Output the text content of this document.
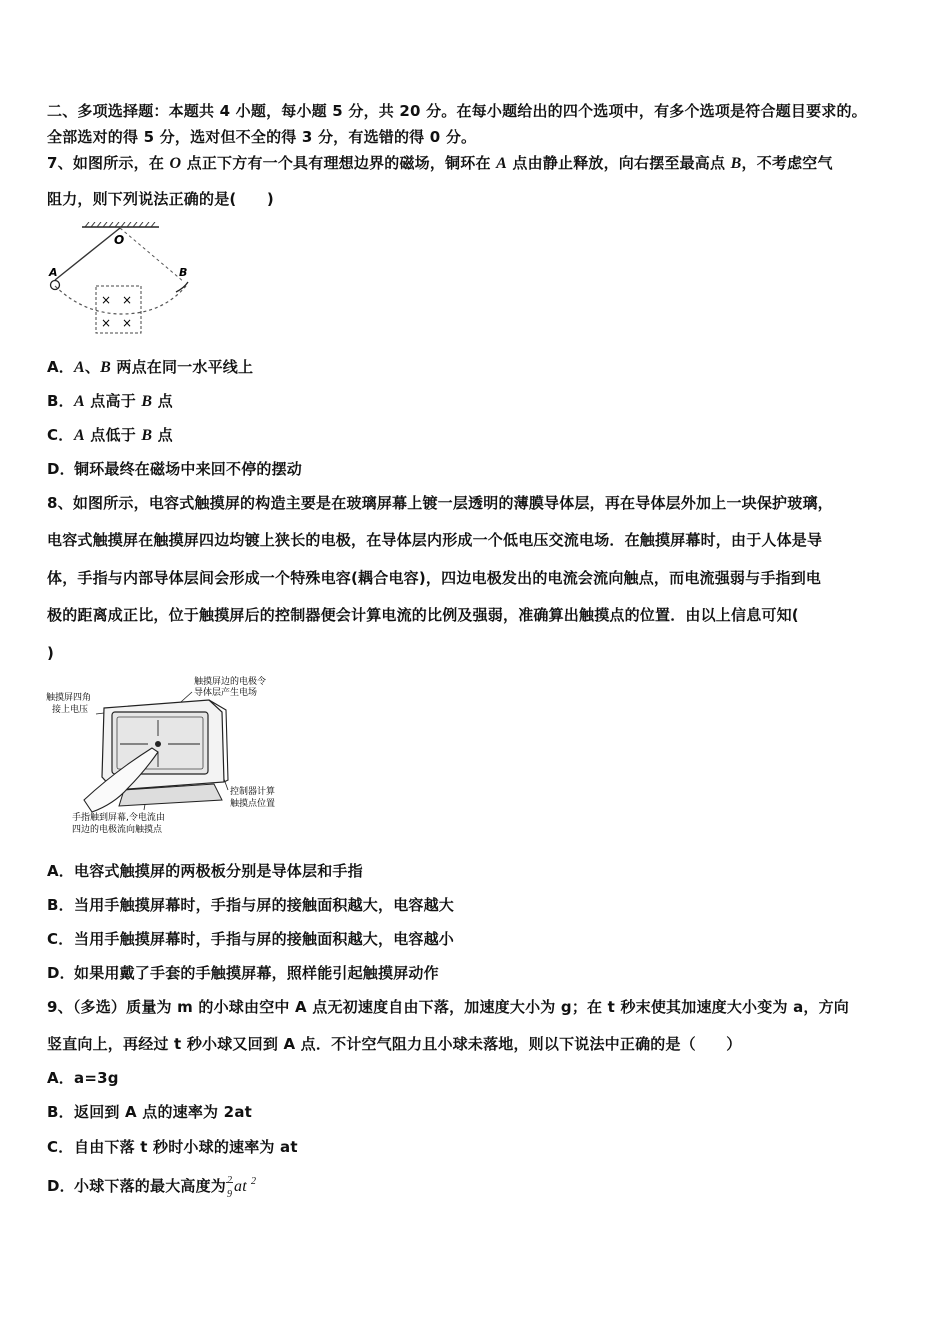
二、多项选择题：本题共 4 小题，每小题 5 分，共 20 分。在每小题给出的四个选项中，有多个选项是符合题目要求的。
全部选对的得 5 分，选对但不全的得 3 分，有选错的得 0 分。
7、如图所示，在 O 点正下方有一个具有理想边界的磁场，铜环在 A 点由静止释放，向右摆至最高点 B，不考虑空气
阻力，则下列说法正确的是(　　)
O
A	B
× ×
× ×
A．A、B 两点在同一水平线上
B．A 点高于 B 点
C．A 点低于 B 点
D．铜环最终在磁场中来回不停的摆动
8、如图所示，电容式触摸屏的构造主要是在玻璃屏幕上镀一层透明的薄膜导体层，再在导体层外加上一块保护玻璃，
电容式触摸屏在触摸屏四边均镀上狭长的电极，在导体层内形成一个低电压交流电场．在触摸屏幕时，由于人体是导
体，手指与内部导体层间会形成一个特殊电容(耦合电容)，四边电极发出的电流会流向触点，而电流强弱与手指到电
极的距离成正比，位于触摸屏后的控制器便会计算电流的比例及强弱，准确算出触摸点的位置．由以上信息可知(
)
触摸屏边的电极令
导体层产生电场
触摸屏四角
接上电压
控制器计算
触摸点位置
手指触到屏幕,令电流由
四边的电极流向触摸点
A．电容式触摸屏的两极板分别是导体层和手指
B．当用手触摸屏幕时，手指与屏的接触面积越大，电容越大
C．当用手触摸屏幕时，手指与屏的接触面积越大，电容越小
D．如果用戴了手套的手触摸屏幕，照样能引起触摸屏动作
9、（多选）质量为 m 的小球由空中 A 点无初速度自由下落，加速度大小为 g；在 t 秒末使其加速度大小变为 a，方向
竖直向上，再经过 t 秒小球又回到 A 点．不计空气阻力且小球未落地，则以下说法中正确的是（　　）
A．a=3g
B．返回到 A 点的速率为 2at
C．自由下落 t 秒时小球的速率为 at
D．小球下落的最大高度为 2
9 at 2
